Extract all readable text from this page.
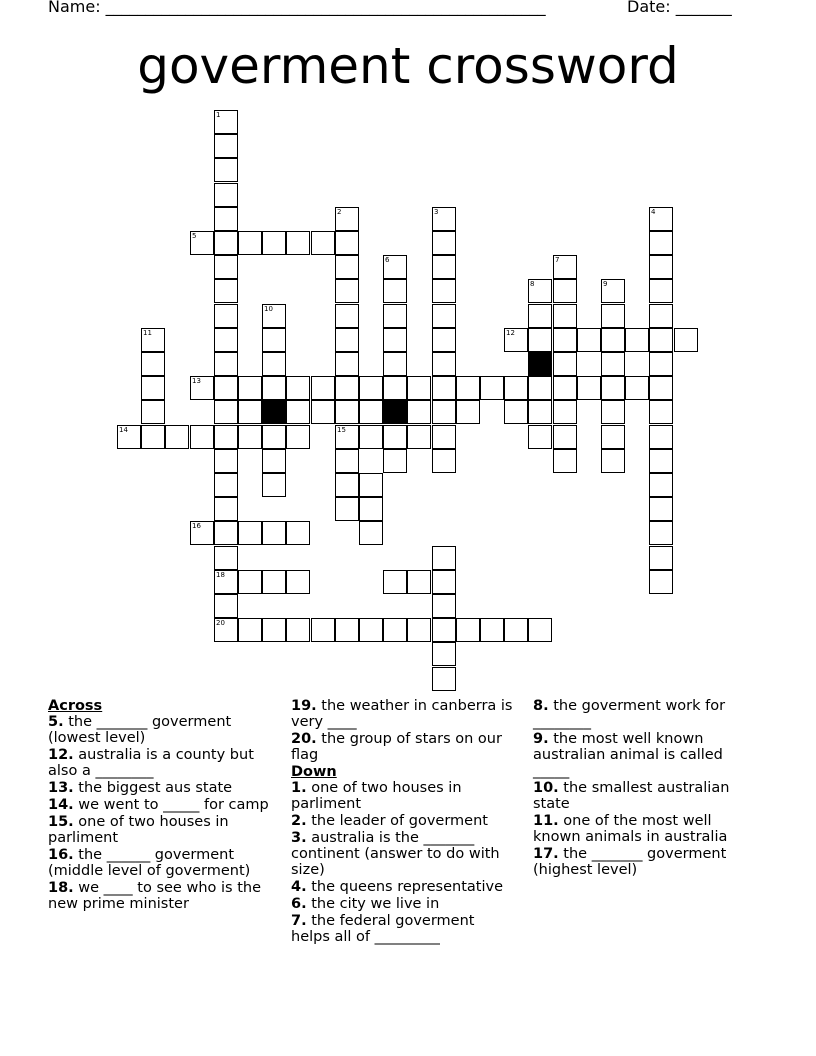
Name: _______________________________________________________	Date: _______
goverment crossword
1
18
20
2
15
3	4
5
6	7
8	9
10
11	12
13
14
16
Across
5. the _______ goverment (lowest level)
12. australia is a county but also a ________
13. the biggest aus state
14. we went to _____ for camp
15. one of two houses in parliment
16. the ______ goverment (middle level of goverment)
18. we ____ to see who is the new prime minister
19. the weather in canberra is very ____
20. the group of stars on our flag
Down
1. one of two houses in parliment
2. the leader of goverment
3. australia is the _______ continent (answer to do with size)
4. the queens representative
6. the city we live in
7. the federal goverment helps all of _________
8. the goverment work for ________
9. the most well known australian animal is called _____
10. the smallest australian state
11. one of the most well known animals in australia
17. the _______ goverment (highest level)
